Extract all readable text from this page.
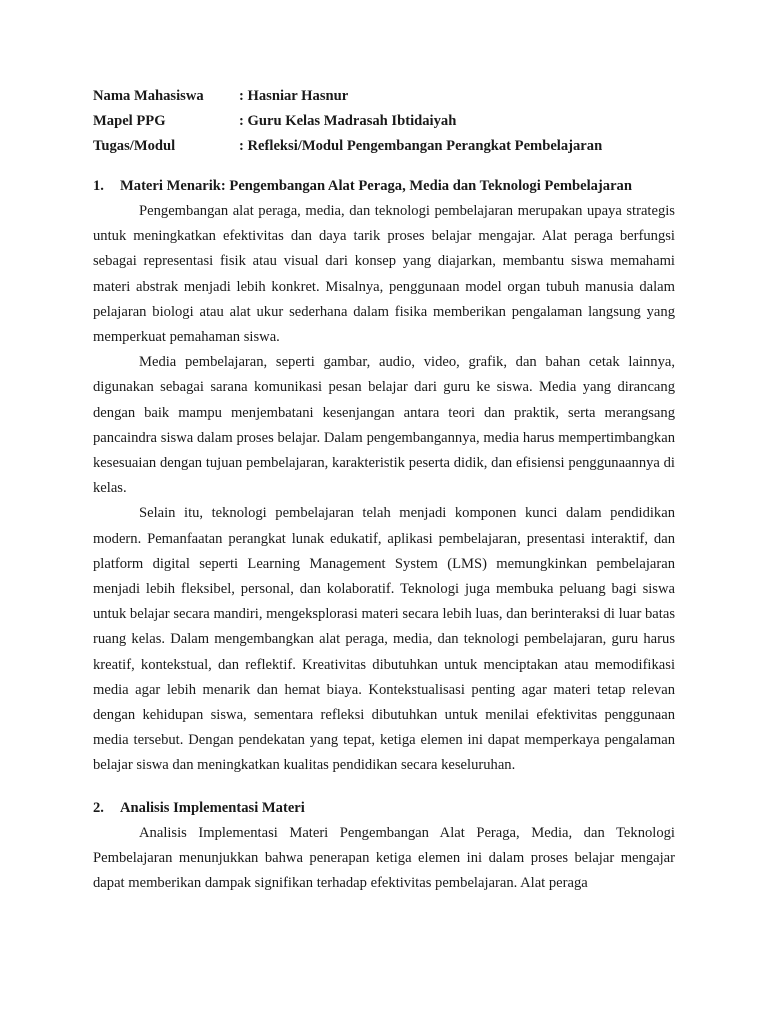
Nama Mahasiswa	: Hasniar Hasnur
Mapel PPG	: Guru Kelas Madrasah Ibtidaiyah
Tugas/Modul	: Refleksi/Modul Pengembangan Perangkat Pembelajaran
1.	Materi Menarik: Pengembangan Alat Peraga, Media dan Teknologi Pembelajaran

Pengembangan alat peraga, media, dan teknologi pembelajaran merupakan upaya strategis untuk meningkatkan efektivitas dan daya tarik proses belajar mengajar. Alat peraga berfungsi sebagai representasi fisik atau visual dari konsep yang diajarkan, membantu siswa memahami materi abstrak menjadi lebih konkret. Misalnya, penggunaan model organ tubuh manusia dalam pelajaran biologi atau alat ukur sederhana dalam fisika memberikan pengalaman langsung yang memperkuat pemahaman siswa.

Media pembelajaran, seperti gambar, audio, video, grafik, dan bahan cetak lainnya, digunakan sebagai sarana komunikasi pesan belajar dari guru ke siswa. Media yang dirancang dengan baik mampu menjembatani kesenjangan antara teori dan praktik, serta merangsang pancaindra siswa dalam proses belajar. Dalam pengembangannya, media harus mempertimbangkan kesesuaian dengan tujuan pembelajaran, karakteristik peserta didik, dan efisiensi penggunaannya di kelas.

Selain itu, teknologi pembelajaran telah menjadi komponen kunci dalam pendidikan modern. Pemanfaatan perangkat lunak edukatif, aplikasi pembelajaran, presentasi interaktif, dan platform digital seperti Learning Management System (LMS) memungkinkan pembelajaran menjadi lebih fleksibel, personal, dan kolaboratif. Teknologi juga membuka peluang bagi siswa untuk belajar secara mandiri, mengeksplorasi materi secara lebih luas, dan berinteraksi di luar batas ruang kelas. Dalam mengembangkan alat peraga, media, dan teknologi pembelajaran, guru harus kreatif, kontekstual, dan reflektif. Kreativitas dibutuhkan untuk menciptakan atau memodifikasi media agar lebih menarik dan hemat biaya. Kontekstualisasi penting agar materi tetap relevan dengan kehidupan siswa, sementara refleksi dibutuhkan untuk menilai efektivitas penggunaan media tersebut. Dengan pendekatan yang tepat, ketiga elemen ini dapat memperkaya pengalaman belajar siswa dan meningkatkan kualitas pendidikan secara keseluruhan.

2.	Analisis Implementasi Materi

Analisis Implementasi Materi Pengembangan Alat Peraga, Media, dan Teknologi Pembelajaran menunjukkan bahwa penerapan ketiga elemen ini dalam proses belajar mengajar dapat memberikan dampak signifikan terhadap efektivitas pembelajaran. Alat peraga
